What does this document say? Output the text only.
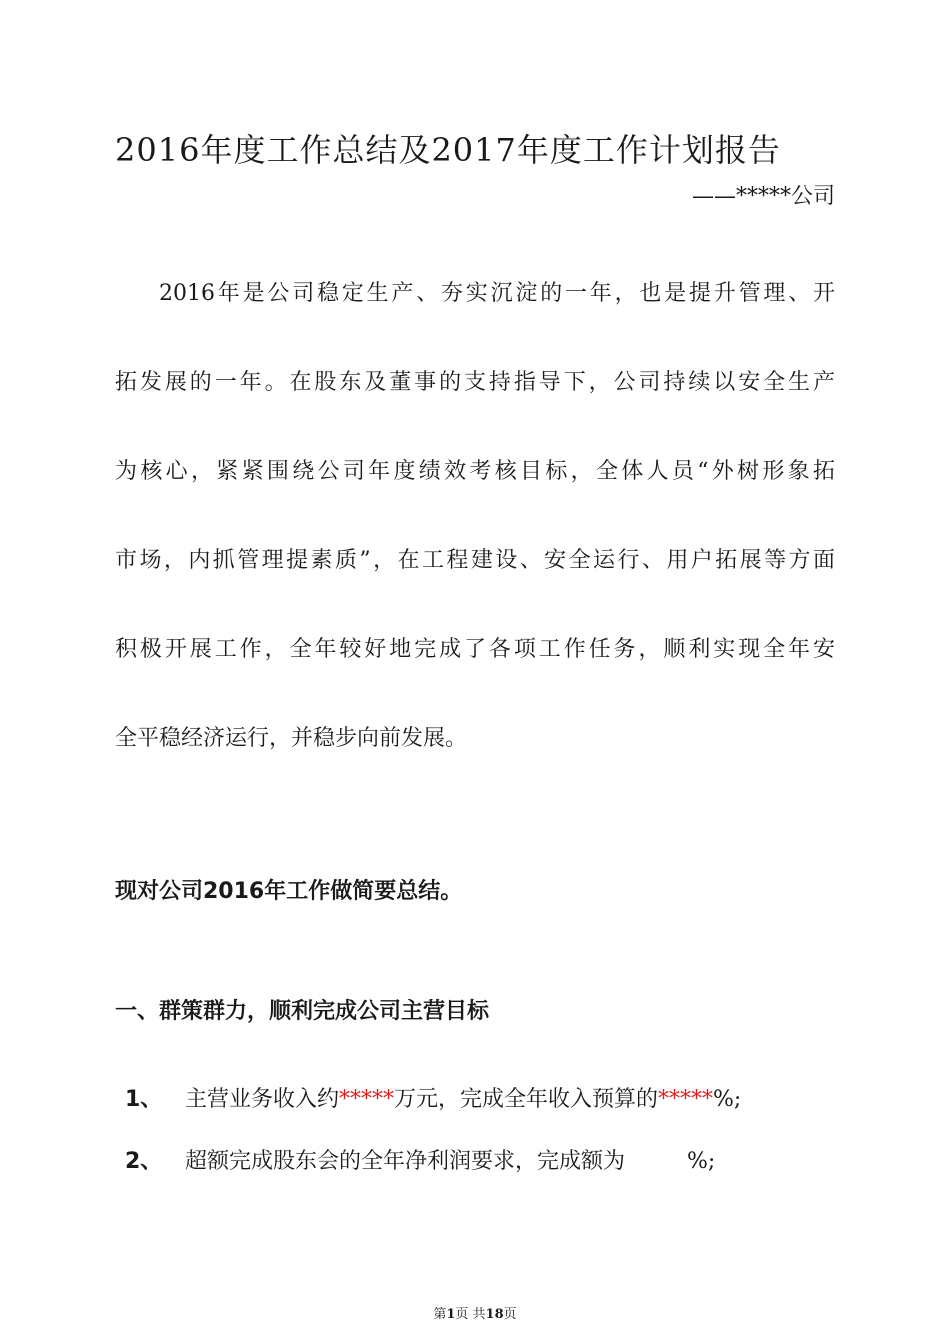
2016年度工作总结及2017年度工作计划报告
——*****公司
2016年是公司稳定生产、夯实沉淀的一年，也是提升管理、开
拓发展的一年。在股东及董事的支持指导下，公司持续以安全生产
为核心，紧紧围绕公司年度绩效考核目标，全体人员“外树形象拓
市场，内抓管理提素质”，在工程建设、安全运行、用户拓展等方面
积极开展工作，全年较好地完成了各项工作任务，顺利实现全年安
全平稳经济运行，并稳步向前发展。
现对公司2016年工作做简要总结。
一、群策群力，顺利完成公司主营目标
1、 主营业务收入约*****万元，完成全年收入预算的*****%;
2、 超额完成股东会的全年净利润要求，完成额为	%;
第1页 共18页
